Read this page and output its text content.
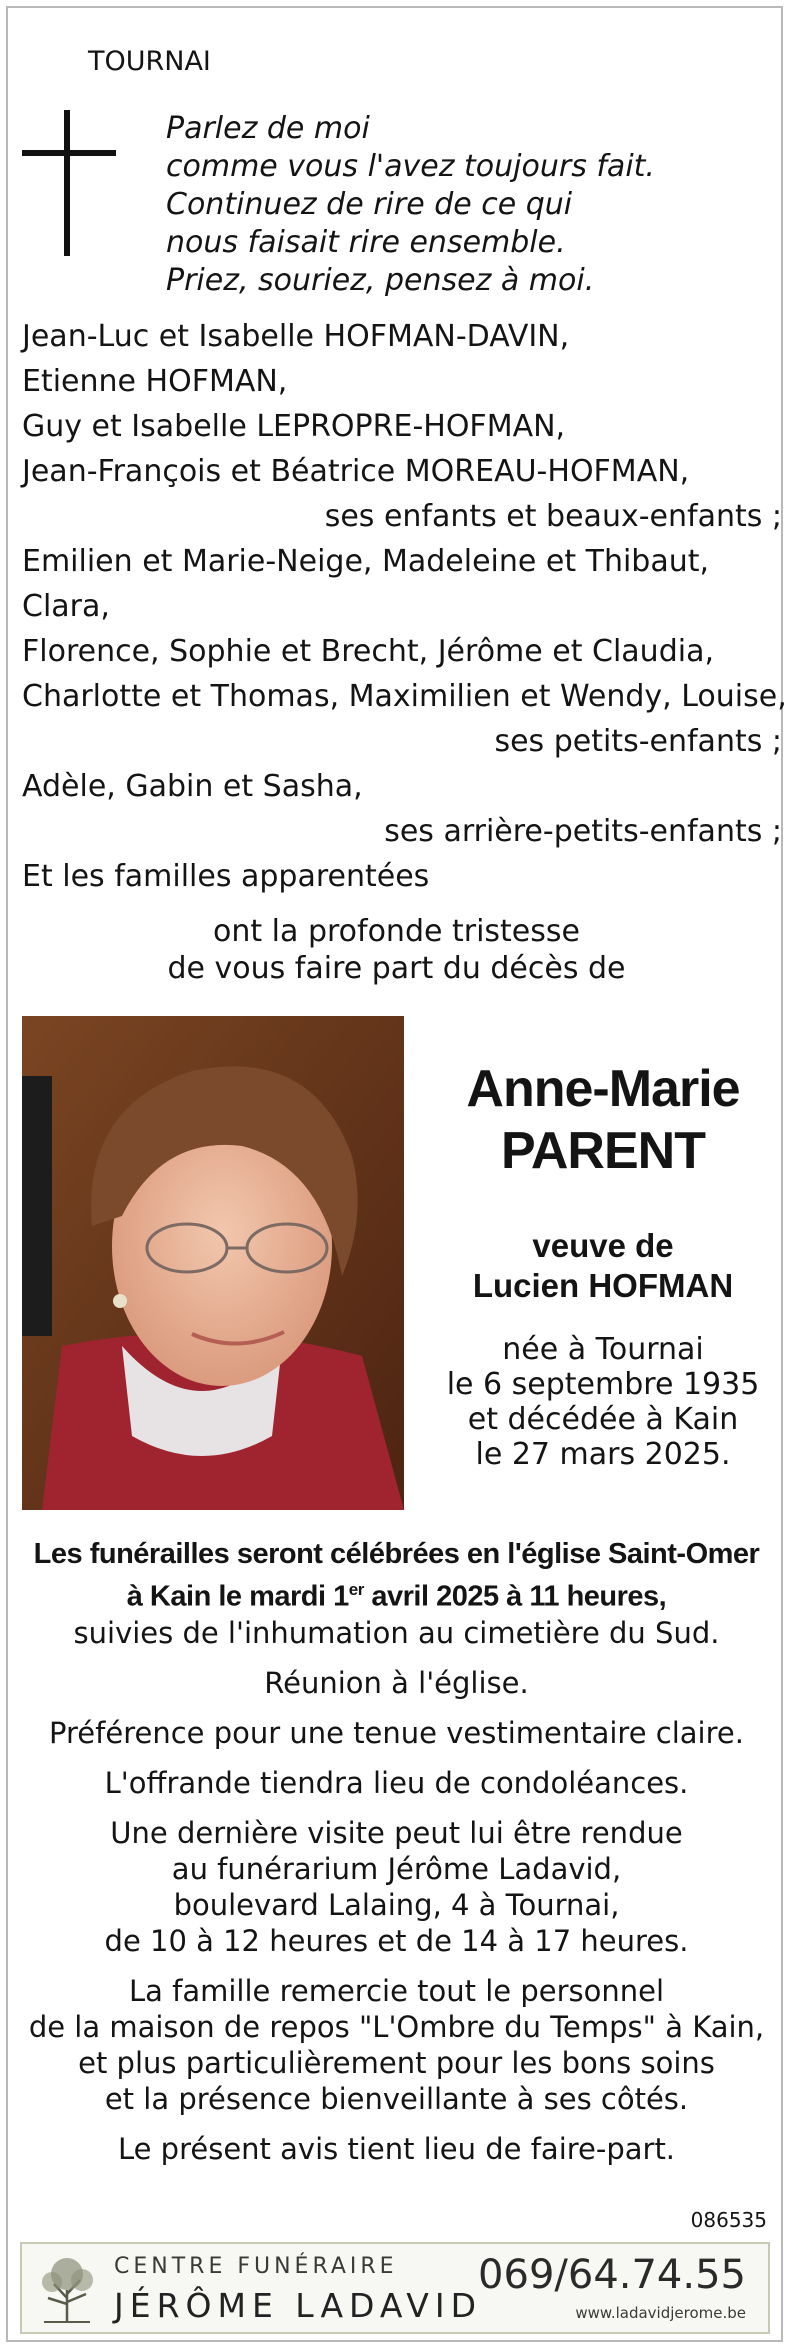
TOURNAI
Parlez de moi
comme vous l'avez toujours fait.
Continuez de rire de ce qui
nous faisait rire ensemble.
Priez, souriez, pensez à moi.
Jean-Luc et Isabelle HOFMAN-DAVIN,
Etienne HOFMAN,
Guy et Isabelle LEPROPRE-HOFMAN,
Jean-François et Béatrice MOREAU-HOFMAN,
ses enfants et beaux-enfants ;
Emilien et Marie-Neige, Madeleine et Thibaut,
Clara,
Florence, Sophie et Brecht, Jérôme et Claudia,
Charlotte et Thomas, Maximilien et Wendy, Louise,
ses petits-enfants ;
Adèle, Gabin et Sasha,
ses arrière-petits-enfants ;
Et les familles apparentées
ont la profonde tristesse
de vous faire part du décès de
Anne-Marie
PARENT
veuve de
Lucien HOFMAN
née à Tournai
le 6 septembre 1935
et décédée à Kain
le 27 mars 2025.
Les funérailles seront célébrées en l'église Saint-Omer
à Kain le mardi 1er avril 2025 à 11 heures,
suivies de l'inhumation au cimetière du Sud.
Réunion à l'église.
Préférence pour une tenue vestimentaire claire.
L'offrande tiendra lieu de condoléances.
Une dernière visite peut lui être rendue
au funérarium Jérôme Ladavid,
boulevard Lalaing, 4 à Tournai,
de 10 à 12 heures et de 14 à 17 heures.
La famille remercie tout le personnel
de la maison de repos "L'Ombre du Temps" à Kain,
et plus particulièrement pour les bons soins
et la présence bienveillante à ses côtés.
Le présent avis tient lieu de faire-part.
086535
CENTRE FUNÉRAIRE
JÉRÔME LADAVID
069/64.74.55
www.ladavidjerome.be
